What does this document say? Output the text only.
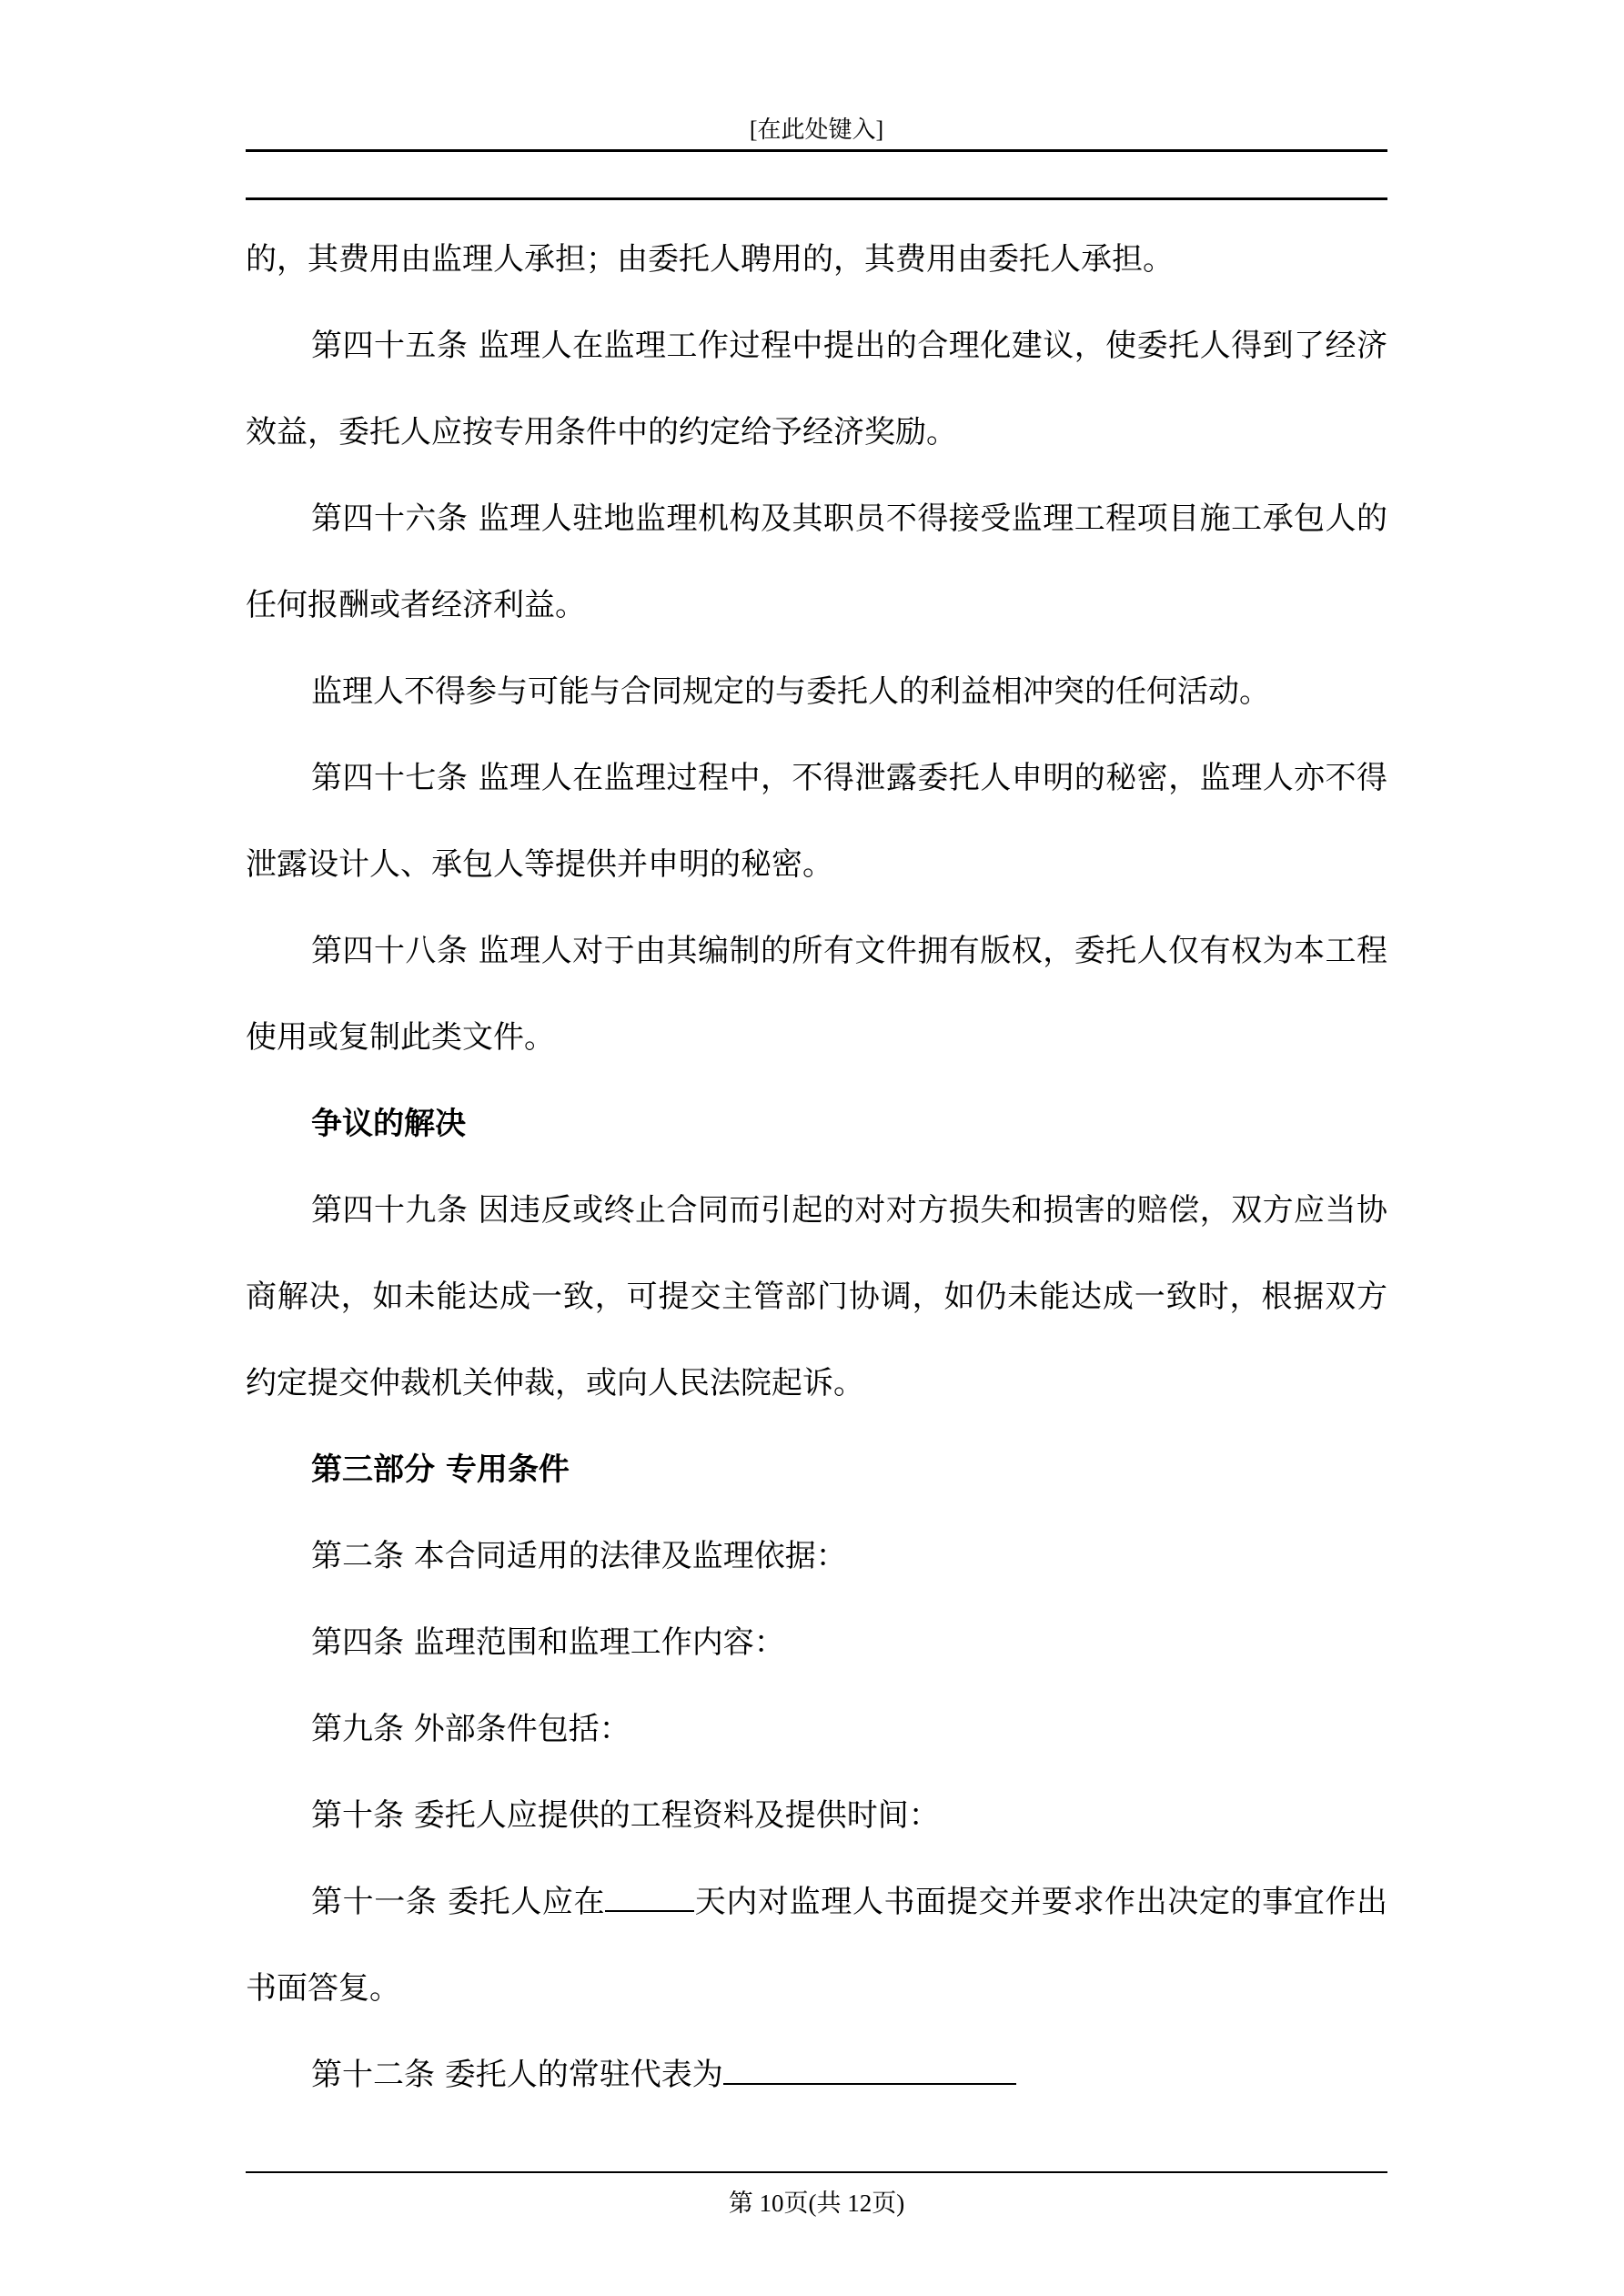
[在此处键入]

的，其费用由监理人承担；由委托人聘用的，其费用由委托人承担。

第四十五条 监理人在监理工作过程中提出的合理化建议，使委托人得到了经济效益，委托人应按专用条件中的约定给予经济奖励。

第四十六条 监理人驻地监理机构及其职员不得接受监理工程项目施工承包人的任何报酬或者经济利益。

监理人不得参与可能与合同规定的与委托人的利益相冲突的任何活动。

第四十七条 监理人在监理过程中，不得泄露委托人申明的秘密，监理人亦不得泄露设计人、承包人等提供并申明的秘密。

第四十八条 监理人对于由其编制的所有文件拥有版权，委托人仅有权为本工程使用或复制此类文件。

争议的解决

第四十九条 因违反或终止合同而引起的对对方损失和损害的赔偿，双方应当协商解决，如未能达成一致，可提交主管部门协调，如仍未能达成一致时，根据双方约定提交仲裁机关仲裁，或向人民法院起诉。

第三部分 专用条件

第二条 本合同适用的法律及监理依据：

第四条 监理范围和监理工作内容：

第九条 外部条件包括：

第十条 委托人应提供的工程资料及提供时间：

第十一条 委托人应在	天内对监理人书面提交并要求作出决定的事宜作出书面答复。

第十二条 委托人的常驻代表为

第 10页(共 12页)
